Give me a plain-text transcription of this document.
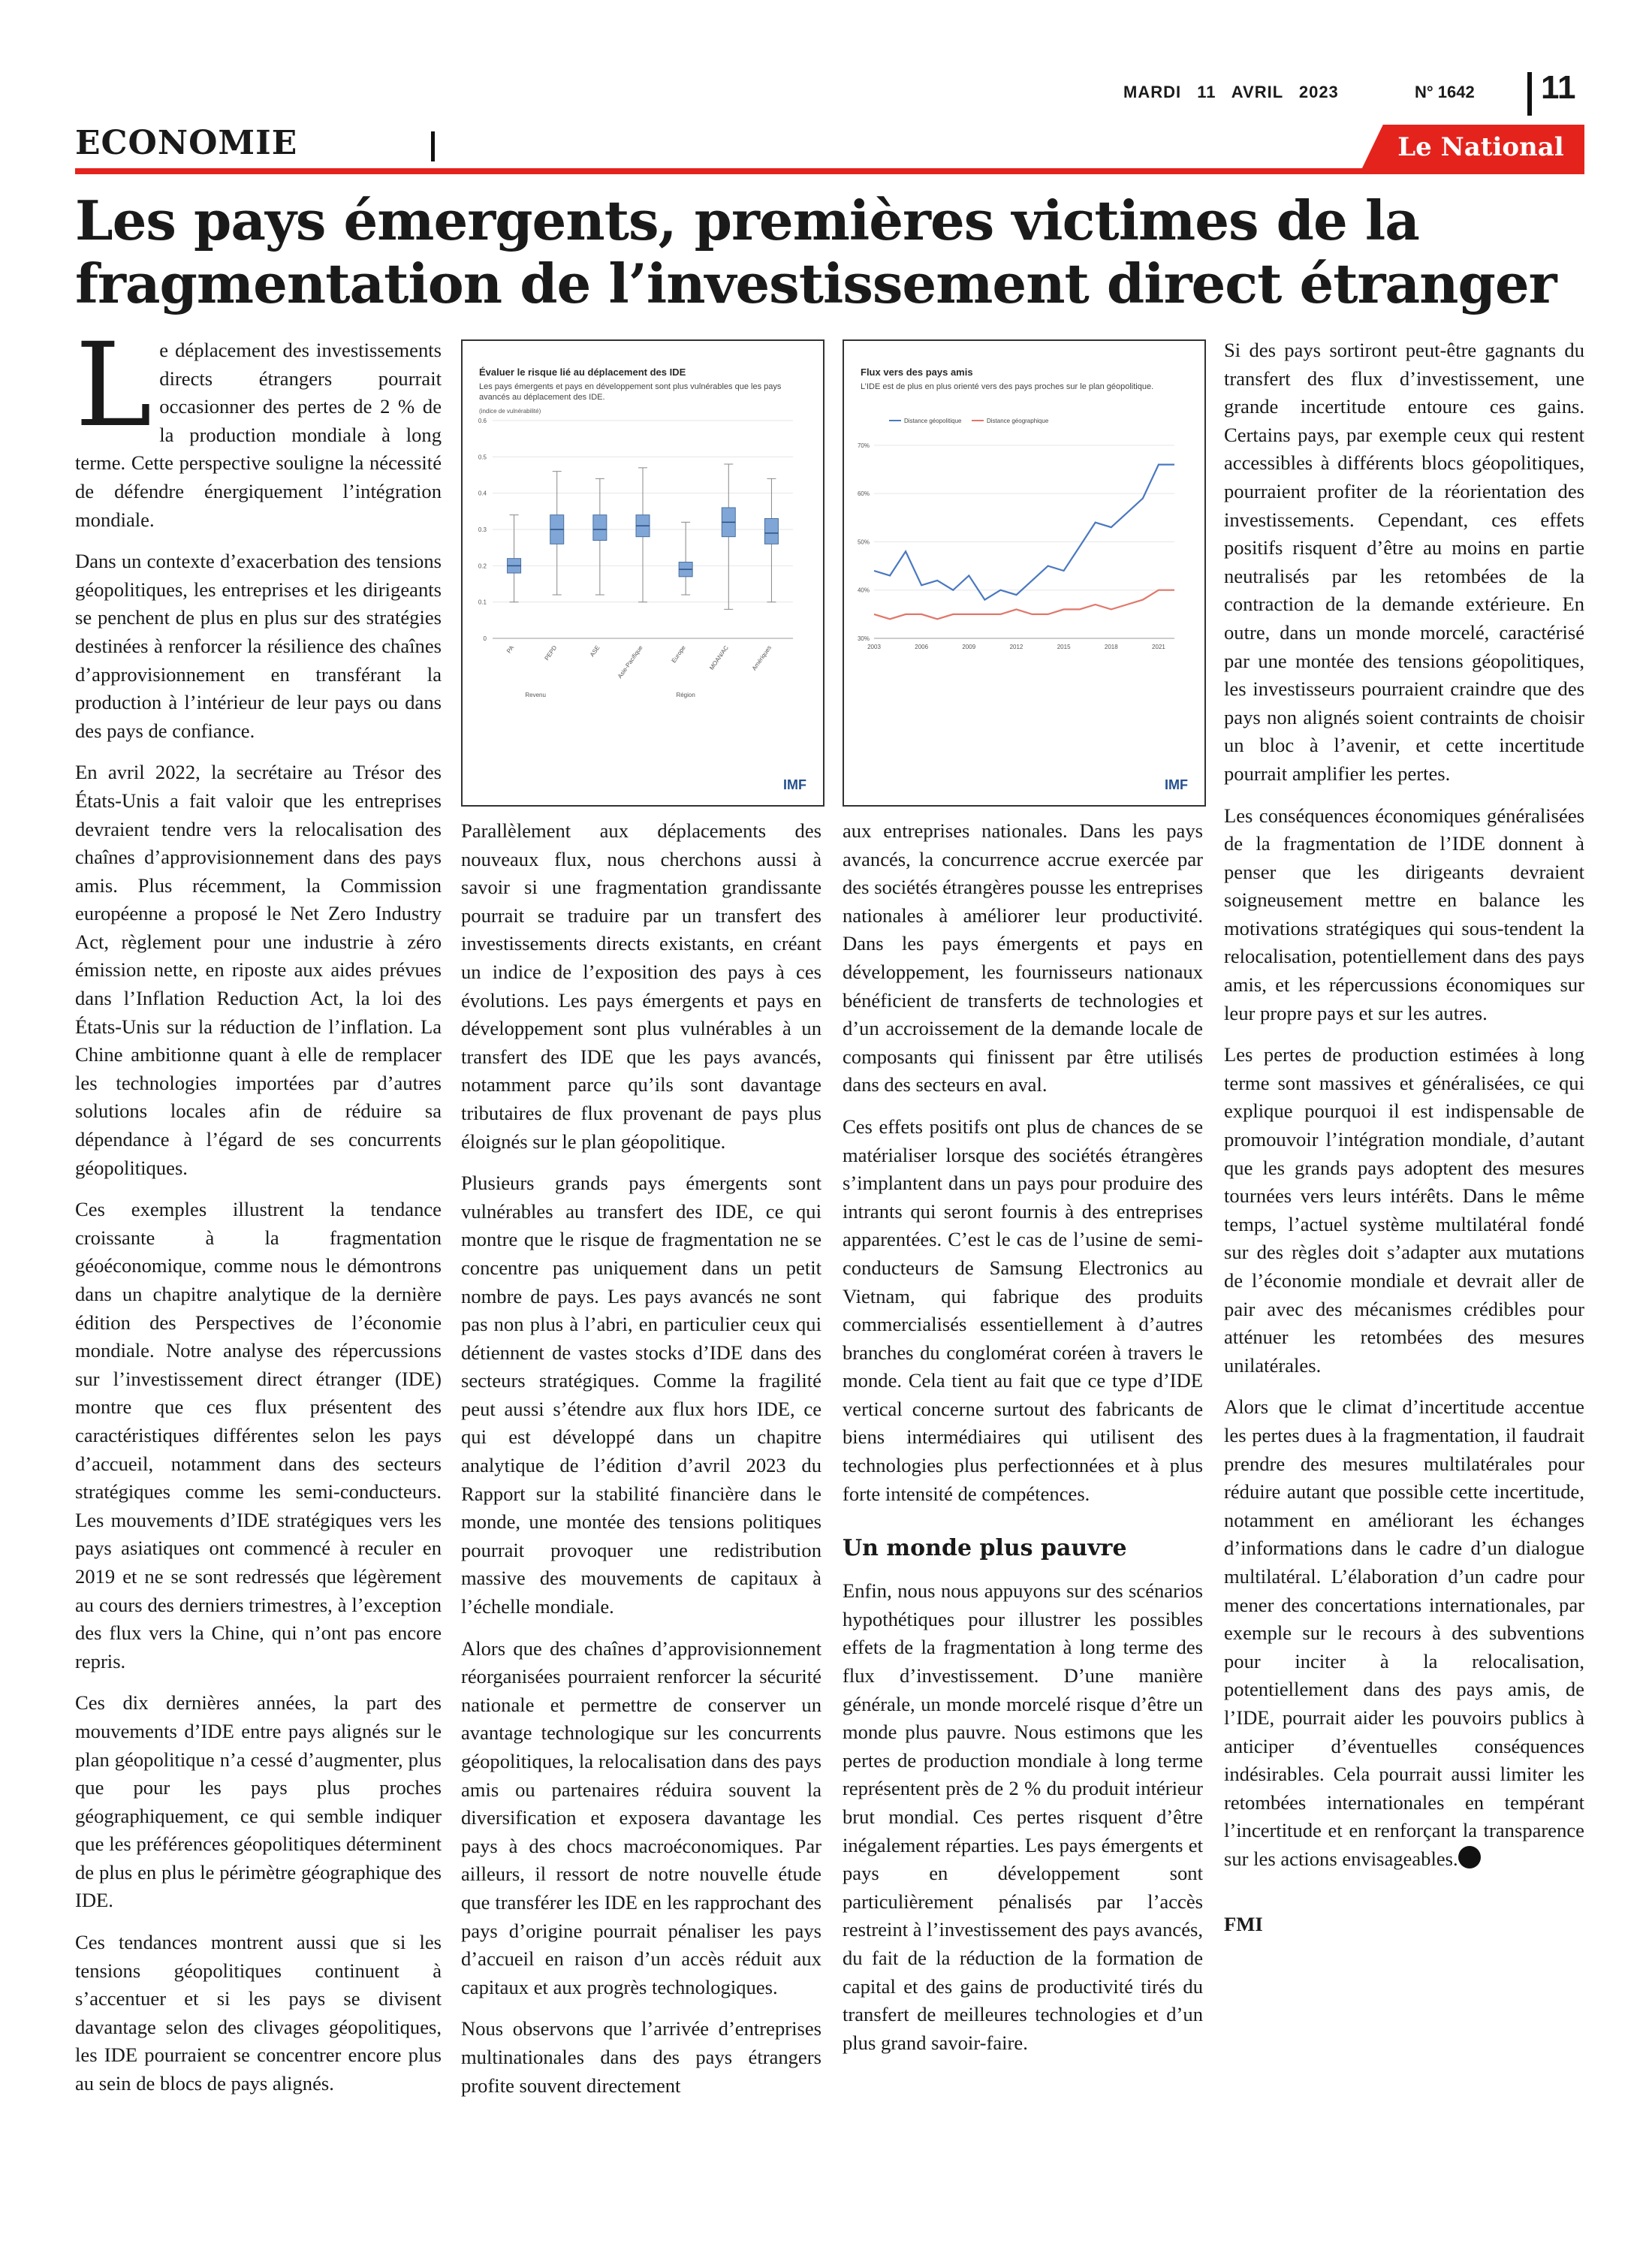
MARDI 11 AVRIL 2023	N° 1642 11
ECONOMIE	Le National
Les pays émergents, premières victimes de la fragmentation de l’investissement direct étranger

Le déplacement des investissements directs étrangers pourrait occasionner des pertes de 2 % de la production mondiale à long terme. Cette perspective souligne la nécessité de défendre énergiquement l’intégration mondiale.

Dans un contexte d’exacerbation des tensions géopolitiques, les entreprises et les dirigeants se penchent de plus en plus sur des stratégies destinées à renforcer la résilience des chaînes d’approvisionnement en transférant la production à l’intérieur de leur pays ou dans des pays de confiance.

En avril 2022, la secrétaire au Trésor des États-Unis a fait valoir que les entreprises devraient tendre vers la relocalisation des chaînes d’approvisionnement dans des pays amis. Plus récemment, la Commission européenne a proposé le Net Zero Industry Act, règlement pour une industrie à zéro émission nette, en riposte aux aides prévues dans l’Inflation Reduction Act, la loi des États-Unis sur la réduction de l’inflation. La Chine ambitionne quant à elle de remplacer les technologies importées par d’autres solutions locales afin de réduire sa dépendance à l’égard de ses concurrents géopolitiques.

Ces exemples illustrent la tendance croissante à la fragmentation géoéconomique, comme nous le démontrons dans un chapitre analytique de la dernière édition des Perspectives de l’économie mondiale. Notre analyse des répercussions sur l’investissement direct étranger (IDE) montre que ces flux présentent des caractéristiques différentes selon les pays d’accueil, notamment dans des secteurs stratégiques comme les semi-conducteurs. Les mouvements d’IDE stratégiques vers les pays asiatiques ont commencé à reculer en 2019 et ne se sont redressés que légèrement au cours des derniers trimestres, à l’exception des flux vers la Chine, qui n’ont pas encore repris.

Ces dix dernières années, la part des mouvements d’IDE entre pays alignés sur le plan géopolitique n’a cessé d’augmenter, plus que pour les pays plus proches géographiquement, ce qui semble indiquer que les préférences géopolitiques déterminent de plus en plus le périmètre géographique des IDE.

Ces tendances montrent aussi que si les tensions géopolitiques continuent à s’accentuer et si les pays se divisent davantage selon des clivages géopolitiques, les IDE pourraient se concentrer encore plus au sein de blocs de pays alignés.

Évaluer le risque lié au déplacement des IDE
Les pays émergents et pays en développement sont plus vulnérables que les pays avancés au déplacement des IDE.
(indice de vulnérabilité)
0.6
0.5
0.4
0.3
0.2
0.1
0
PA	PEPD	ASE	Asie-Pacifique	Europe	MOAN/AC	Amériques
Revenu	Région
IMF
Flux vers des pays amis
L’IDE est de plus en plus orienté vers des pays proches sur le plan géopolitique.
Distance géopolitique	Distance géographique
70%
60%
50%
40%
30%
2003	2006	2009	2012	2015	2018	2021
IMF

Parallèlement aux déplacements des nouveaux flux, nous cherchons aussi à savoir si une fragmentation grandissante pourrait se traduire par un transfert des investissements directs existants, en créant un indice de l’exposition des pays à ces évolutions. Les pays émergents et pays en développement sont plus vulnérables à un transfert des IDE que les pays avancés, notamment parce qu’ils sont davantage tributaires de flux provenant de pays plus éloignés sur le plan géopolitique.

Plusieurs grands pays émergents sont vulnérables au transfert des IDE, ce qui montre que le risque de fragmentation ne se concentre pas uniquement dans un petit nombre de pays. Les pays avancés ne sont pas non plus à l’abri, en particulier ceux qui détiennent de vastes stocks d’IDE dans des secteurs stratégiques. Comme la fragilité peut aussi s’étendre aux flux hors IDE, ce qui est développé dans un chapitre analytique de l’édition d’avril 2023 du Rapport sur la stabilité financière dans le monde, une montée des tensions politiques pourrait provoquer une redistribution massive des mouvements de capitaux à l’échelle mondiale.

Alors que des chaînes d’approvisionnement réorganisées pourraient renforcer la sécurité nationale et permettre de conserver un avantage technologique sur les concurrents géopolitiques, la relocalisation dans des pays amis ou partenaires réduira souvent la diversification et exposera davantage les pays à des chocs macroéconomiques. Par ailleurs, il ressort de notre nouvelle étude que transférer les IDE en les rapprochant des pays d’origine pourrait pénaliser les pays d’accueil en raison d’un accès réduit aux capitaux et aux progrès technologiques.

Nous observons que l’arrivée d’entreprises multinationales dans des pays étrangers profite souvent directement

aux entreprises nationales. Dans les pays avancés, la concurrence accrue exercée par des sociétés étrangères pousse les entreprises nationales à améliorer leur productivité. Dans les pays émergents et pays en développement, les fournisseurs nationaux bénéficient de transferts de technologies et d’un accroissement de la demande locale de composants qui finissent par être utilisés dans des secteurs en aval.

Ces effets positifs ont plus de chances de se matérialiser lorsque des sociétés étrangères s’implantent dans un pays pour produire des intrants qui seront fournis à des entreprises apparentées. C’est le cas de l’usine de semi-conducteurs de Samsung Electronics au Vietnam, qui fabrique des produits commercialisés essentiellement à d’autres branches du conglomérat coréen à travers le monde. Cela tient au fait que ce type d’IDE vertical concerne surtout des fabricants de biens intermédiaires qui utilisent des technologies plus perfectionnées et à plus forte intensité de compétences.

Un monde plus pauvre

Enfin, nous nous appuyons sur des scénarios hypothétiques pour illustrer les possibles effets de la fragmentation à long terme des flux d’investissement. D’une manière générale, un monde morcelé risque d’être un monde plus pauvre. Nous estimons que les pertes de production mondiale à long terme représentent près de 2 % du produit intérieur brut mondial. Ces pertes risquent d’être inégalement réparties. Les pays émergents et pays en développement sont particulièrement pénalisés par l’accès restreint à l’investissement des pays avancés, du fait de la réduction de la formation de capital et des gains de productivité tirés du transfert de meilleures technologies et d’un plus grand savoir-faire.

Si des pays sortiront peut-être gagnants du transfert des flux d’investissement, une grande incertitude entoure ces gains. Certains pays, par exemple ceux qui restent accessibles à différents blocs géopolitiques, pourraient profiter de la réorientation des investissements. Cependant, ces effets positifs risquent d’être au moins en partie neutralisés par les retombées de la contraction de la demande extérieure. En outre, dans un monde morcelé, caractérisé par une montée des tensions géopolitiques, les investisseurs pourraient craindre que des pays non alignés soient contraints de choisir un bloc à l’avenir, et cette incertitude pourrait amplifier les pertes.

Les conséquences économiques généralisées de la fragmentation de l’IDE donnent à penser que les dirigeants devraient soigneusement mettre en balance les motivations stratégiques qui sous-tendent la relocalisation, potentiellement dans des pays amis, et les répercussions économiques sur leur propre pays et sur les autres.

Les pertes de production estimées à long terme sont massives et généralisées, ce qui explique pourquoi il est indispensable de promouvoir l’intégration mondiale, d’autant que les grands pays adoptent des mesures tournées vers leurs intérêts. Dans le même temps, l’actuel système multilatéral fondé sur des règles doit s’adapter aux mutations de l’économie mondiale et devrait aller de pair avec des mécanismes crédibles pour atténuer les retombées des mesures unilatérales.

Alors que le climat d’incertitude accentue les pertes dues à la fragmentation, il faudrait prendre des mesures multilatérales pour réduire autant que possible cette incertitude, notamment en améliorant les échanges d’informations dans le cadre d’un dialogue multilatéral. L’élaboration d’un cadre pour mener des concertations internationales, par exemple sur le recours à des subventions pour inciter à la relocalisation, potentiellement dans des pays amis, de l’IDE, pourrait aider les pouvoirs publics à anticiper d’éventuelles conséquences indésirables. Cela pourrait aussi limiter les retombées internationales en tempérant l’incertitude et en renforçant la transparence sur les actions envisageables.

FMI
